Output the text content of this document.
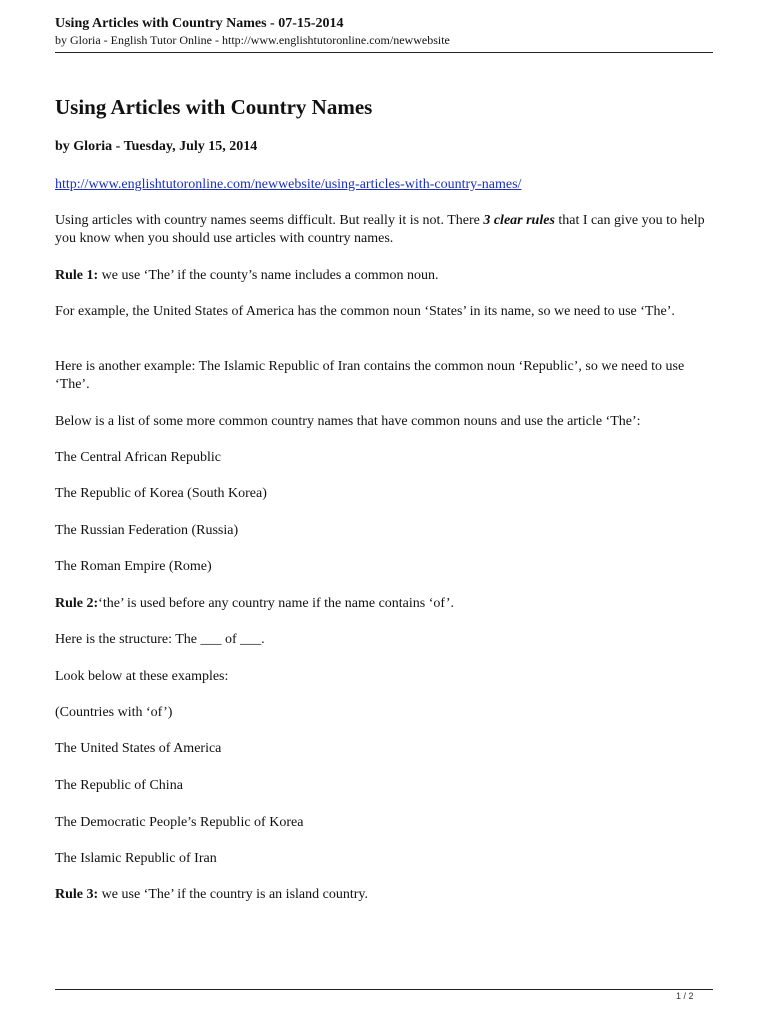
Using Articles with Country Names - 07-15-2014
by Gloria - English Tutor Online - http://www.englishtutoronline.com/newwebsite
Using Articles with Country Names

by Gloria - Tuesday, July 15, 2014

http://www.englishtutoronline.com/newwebsite/using-articles-with-country-names/

Using articles with country names seems difficult. But really it is not. There 3 clear rules that I can give you to help you know when you should use articles with country names.

Rule 1: we use ‘The’ if the county’s name includes a common noun.

For example, the United States of America has the common noun ‘States’ in its name, so we need to use ‘The’.

Here is another example: The Islamic Republic of Iran contains the common noun ‘Republic’, so we need to use ‘The’.

Below is a list of some more common country names that have common nouns and use the article ‘The’:

The Central African Republic

The Republic of Korea (South Korea)

The Russian Federation (Russia)

The Roman Empire (Rome)

Rule 2:‘the’ is used before any country name if the name contains ‘of’.

Here is the structure: The ___ of ___.

Look below at these examples:

(Countries with ‘of’)

The United States of America

The Republic of China

The Democratic People’s Republic of Korea

The Islamic Republic of Iran

Rule 3: we use ‘The’ if the country is an island country.

1 / 2
